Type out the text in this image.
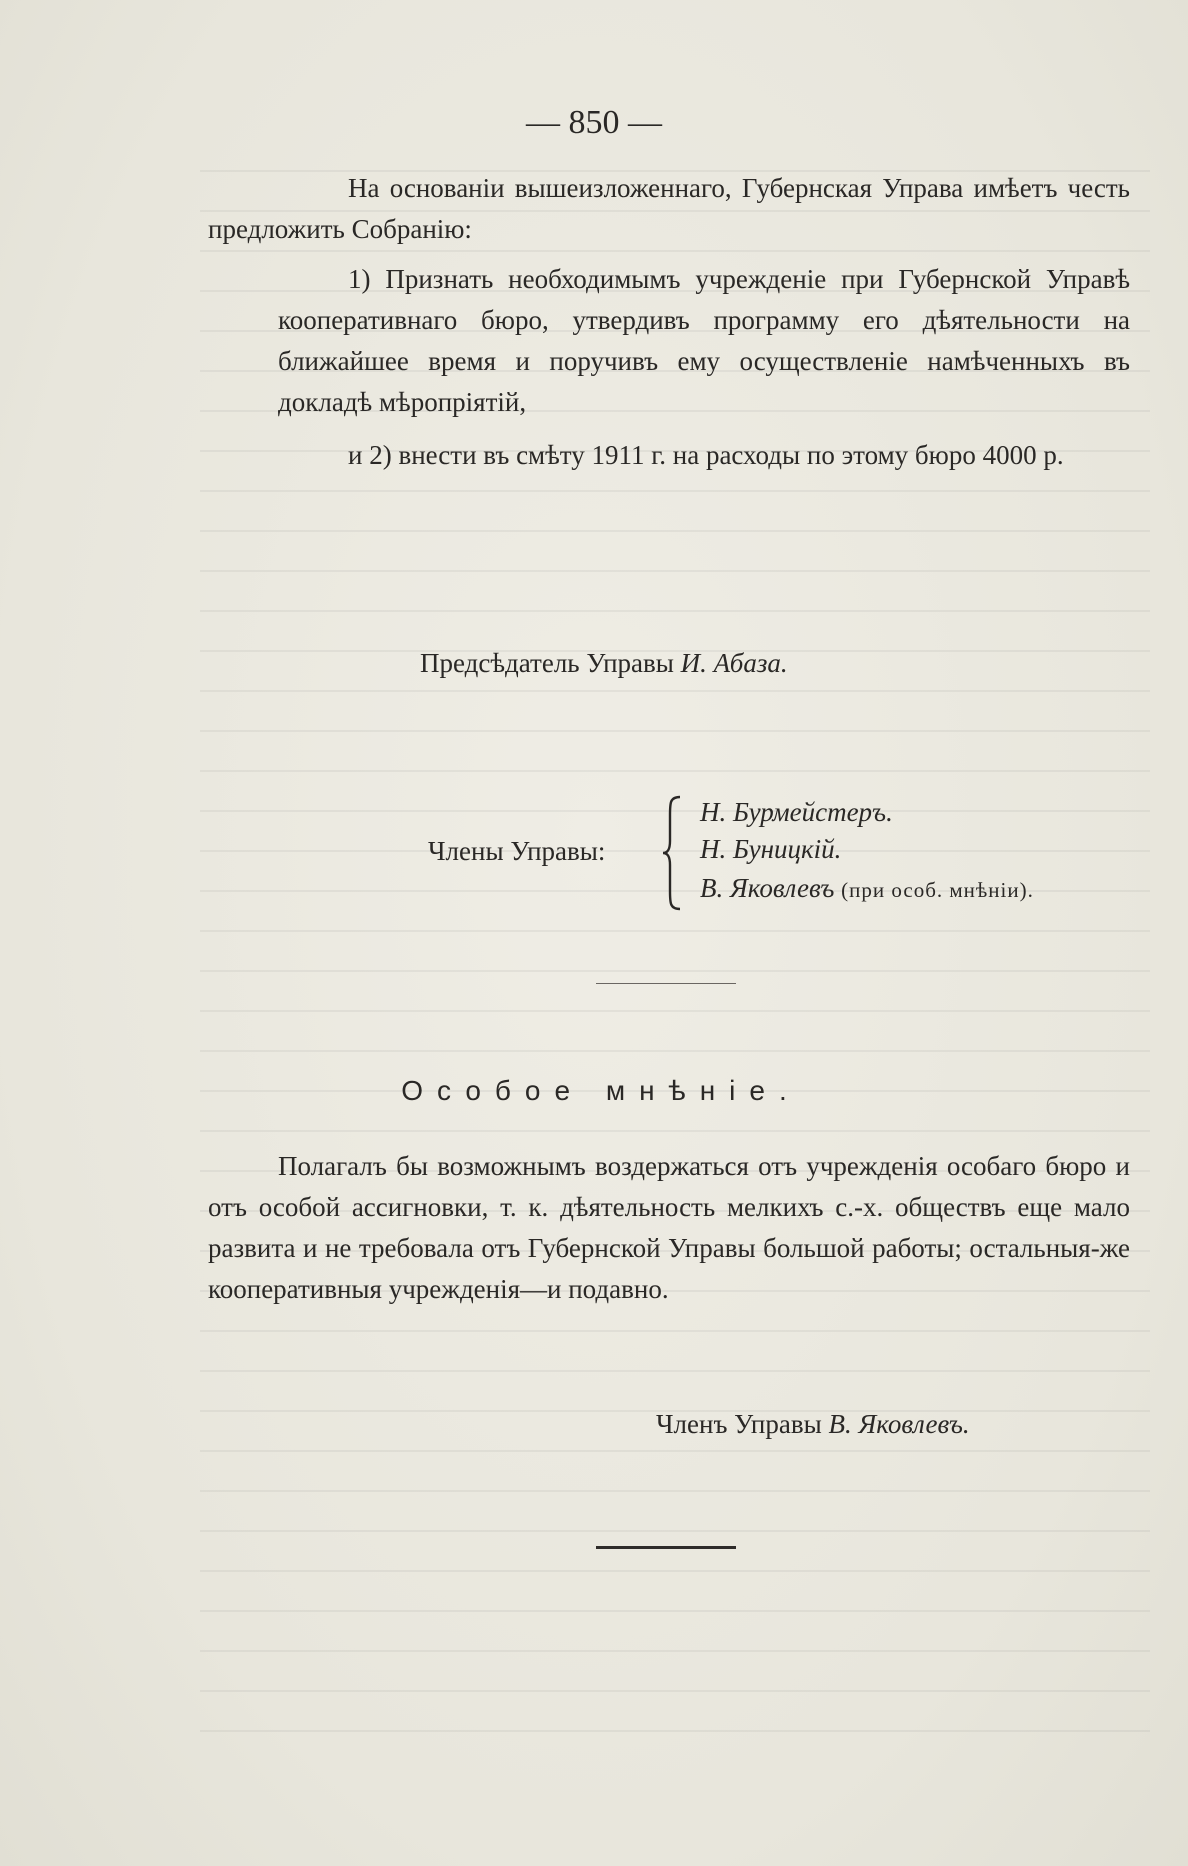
— 850 —

На основаніи вышеизложеннаго, Губернская Управа имѣетъ честь предложить Собранію:

1) Признать необходимымъ учрежденіе при Губернской Управѣ кооперативнаго бюро, утвердивъ программу его дѣятельности на ближайшее время и поручивъ ему осуществленіе намѣченныхъ въ докладѣ мѣропріятій,

и 2) внести въ смѣту 1911 г. на расходы по этому бюро 4000 р.

Предсѣдатель Управы И. Абаза.
Члены Управы:
Н. Бурмейстеръ.
Н. Буницкій.
В. Яковлевъ (при особ. мнѣніи).
Особое мнѣніе.

Полагалъ бы возможнымъ воздержаться отъ учрежденія особаго бюро и отъ особой ассигновки, т. к. дѣятельность мелкихъ с.-х. обществъ еще мало развита и не требовала отъ Губернской Управы большой работы; остальныя-же кооперативныя учрежденія—и подавно.

Членъ Управы В. Яковлевъ.
